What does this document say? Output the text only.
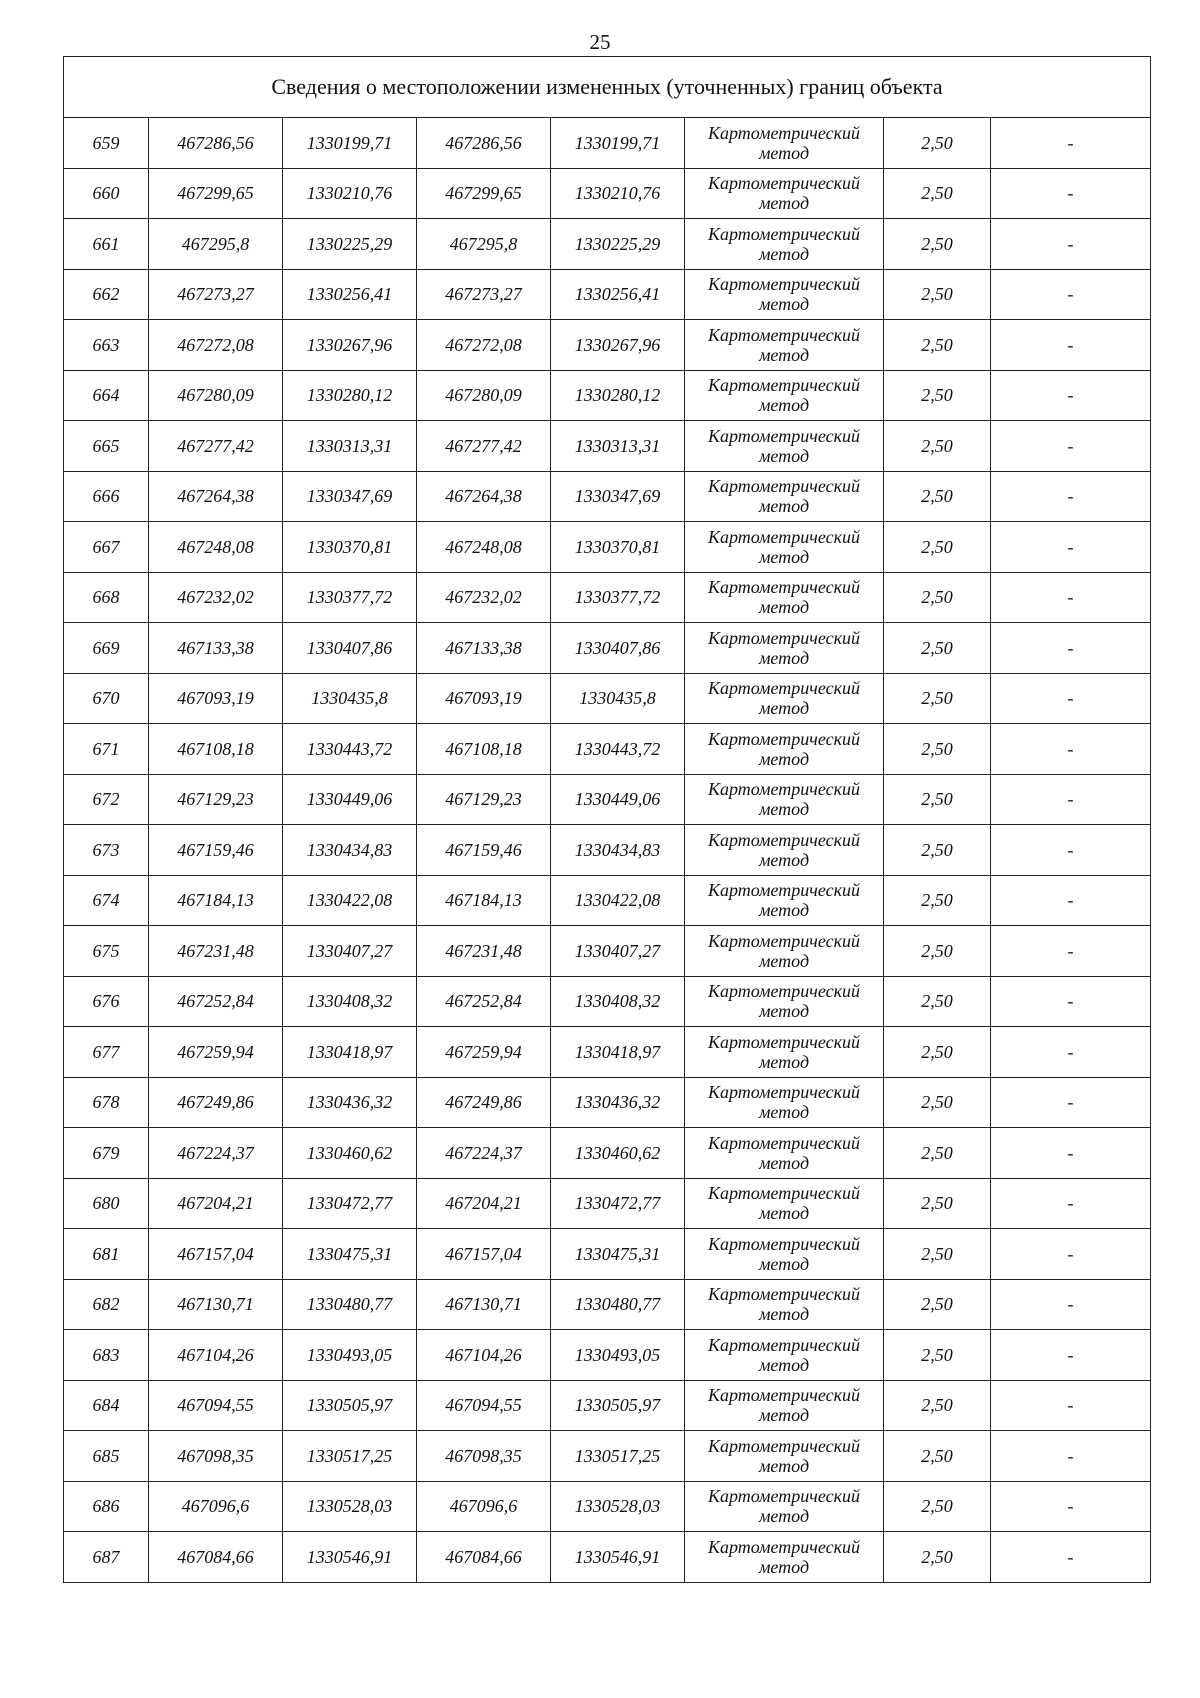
25
Сведения о местоположении измененных (уточненных) границ объекта							
659	467286,56	1330199,71	467286,56	1330199,71	Картометрический
метод	2,50	-
660	467299,65	1330210,76	467299,65	1330210,76	Картометрический
метод	2,50	-
661	467295,8	1330225,29	467295,8	1330225,29	Картометрический
метод	2,50	-
662	467273,27	1330256,41	467273,27	1330256,41	Картометрический
метод	2,50	-
663	467272,08	1330267,96	467272,08	1330267,96	Картометрический
метод	2,50	-
664	467280,09	1330280,12	467280,09	1330280,12	Картометрический
метод	2,50	-
665	467277,42	1330313,31	467277,42	1330313,31	Картометрический
метод	2,50	-
666	467264,38	1330347,69	467264,38	1330347,69	Картометрический
метод	2,50	-
667	467248,08	1330370,81	467248,08	1330370,81	Картометрический
метод	2,50	-
668	467232,02	1330377,72	467232,02	1330377,72	Картометрический
метод	2,50	-
669	467133,38	1330407,86	467133,38	1330407,86	Картометрический
метод	2,50	-
670	467093,19	1330435,8	467093,19	1330435,8	Картометрический
метод	2,50	-
671	467108,18	1330443,72	467108,18	1330443,72	Картометрический
метод	2,50	-
672	467129,23	1330449,06	467129,23	1330449,06	Картометрический
метод	2,50	-
673	467159,46	1330434,83	467159,46	1330434,83	Картометрический
метод	2,50	-
674	467184,13	1330422,08	467184,13	1330422,08	Картометрический
метод	2,50	-
675	467231,48	1330407,27	467231,48	1330407,27	Картометрический
метод	2,50	-
676	467252,84	1330408,32	467252,84	1330408,32	Картометрический
метод	2,50	-
677	467259,94	1330418,97	467259,94	1330418,97	Картометрический
метод	2,50	-
678	467249,86	1330436,32	467249,86	1330436,32	Картометрический
метод	2,50	-
679	467224,37	1330460,62	467224,37	1330460,62	Картометрический
метод	2,50	-
680	467204,21	1330472,77	467204,21	1330472,77	Картометрический
метод	2,50	-
681	467157,04	1330475,31	467157,04	1330475,31	Картометрический
метод	2,50	-
682	467130,71	1330480,77	467130,71	1330480,77	Картометрический
метод	2,50	-
683	467104,26	1330493,05	467104,26	1330493,05	Картометрический
метод	2,50	-
684	467094,55	1330505,97	467094,55	1330505,97	Картометрический
метод	2,50	-
685	467098,35	1330517,25	467098,35	1330517,25	Картометрический
метод	2,50	-
686	467096,6	1330528,03	467096,6	1330528,03	Картометрический
метод	2,50	-
687	467084,66	1330546,91	467084,66	1330546,91	Картометрический
метод	2,50	-
